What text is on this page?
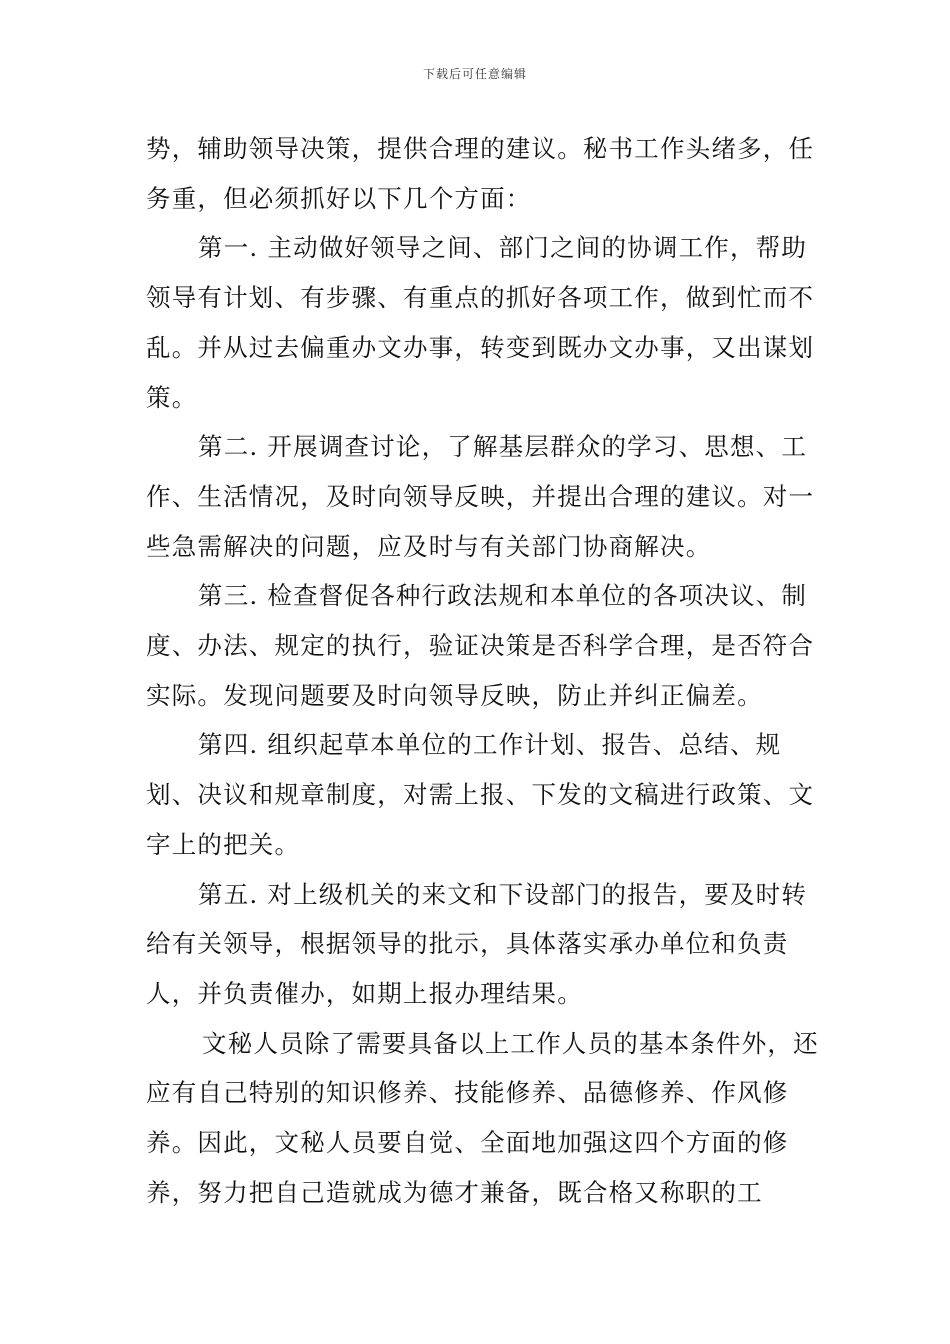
下载后可任意编辑

势，辅助领导决策，提供合理的建议。秘书工作头绪多，任务重，但必须抓好以下几个方面：

第一. 主动做好领导之间、部门之间的协调工作，帮助领导有计划、有步骤、有重点的抓好各项工作，做到忙而不乱。并从过去偏重办文办事，转变到既办文办事，又出谋划策。

第二. 开展调查讨论，了解基层群众的学习、思想、工作、生活情况，及时向领导反映，并提出合理的建议。对一些急需解决的问题，应及时与有关部门协商解决。

第三. 检查督促各种行政法规和本单位的各项决议、制度、办法、规定的执行，验证决策是否科学合理，是否符合实际。发现问题要及时向领导反映，防止并纠正偏差。

第四. 组织起草本单位的工作计划、报告、总结、规划、决议和规章制度，对需上报、下发的文稿进行政策、文字上的把关。

第五. 对上级机关的来文和下设部门的报告，要及时转给有关领导，根据领导的批示，具体落实承办单位和负责人，并负责催办，如期上报办理结果。

文秘人员除了需要具备以上工作人员的基本条件外，还应有自己特别的知识修养、技能修养、品德修养、作风修养。因此，文秘人员要自觉、全面地加强这四个方面的修养，努力把自己造就成为德才兼备，既合格又称职的工
